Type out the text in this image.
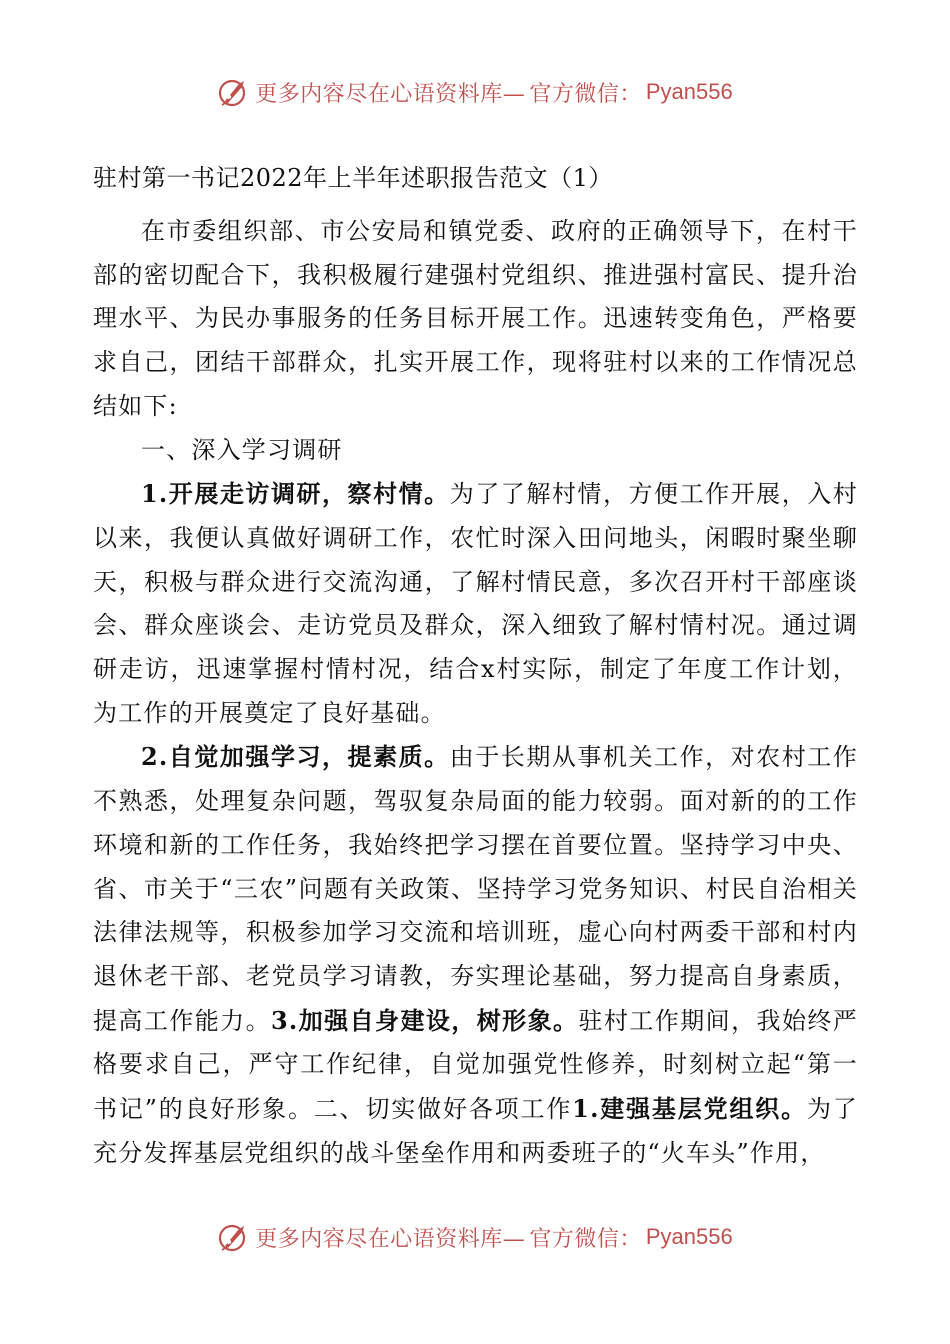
更多内容尽在心语资料库— 官方微信： Pyan556
驻村第一书记2022年上半年述职报告范文（1）

在市委组织部、市公安局和镇党委、政府的正确领导下，在村干部的密切配合下，我积极履行建强村党组织、推进强村富民、提升治理水平、为民办事服务的任务目标开展工作。迅速转变角色，严格要求自己，团结干部群众，扎实开展工作，现将驻村以来的工作情况总结如下:

一、深入学习调研

1.开展走访调研，察村情。为了了解村情，方便工作开展，入村以来，我便认真做好调研工作，农忙时深入田问地头，闲暇时聚坐聊天，积极与群众进行交流沟通，了解村情民意，多次召开村干部座谈会、群众座谈会、走访党员及群众，深入细致了解村情村况。通过调研走访，迅速掌握村情村况，结合x村实际，制定了年度工作计划，为工作的开展奠定了良好基础。

2.自觉加强学习，提素质。由于长期从事机关工作，对农村工作不熟悉，处理复杂问题，驾驭复杂局面的能力较弱。面对新的的工作环境和新的工作任务，我始终把学习摆在首要位置。坚持学习中央、省、市关于“三农”问题有关政策、坚持学习党务知识、村民自治相关法律法规等，积极参加学习交流和培训班，虚心向村两委干部和村内退休老干部、老党员学习请教，夯实理论基础，努力提高自身素质，提高工作能力。3.加强自身建设，树形象。驻村工作期间，我始终严格要求自己，严守工作纪律，自觉加强党性修养，时刻树立起“第一书记”的良好形象。二、切实做好各项工作1.建强基层党组织。为了充分发挥基层党组织的战斗堡垒作用和两委班子的“火车头”作用，

更多内容尽在心语资料库— 官方微信： Pyan556
